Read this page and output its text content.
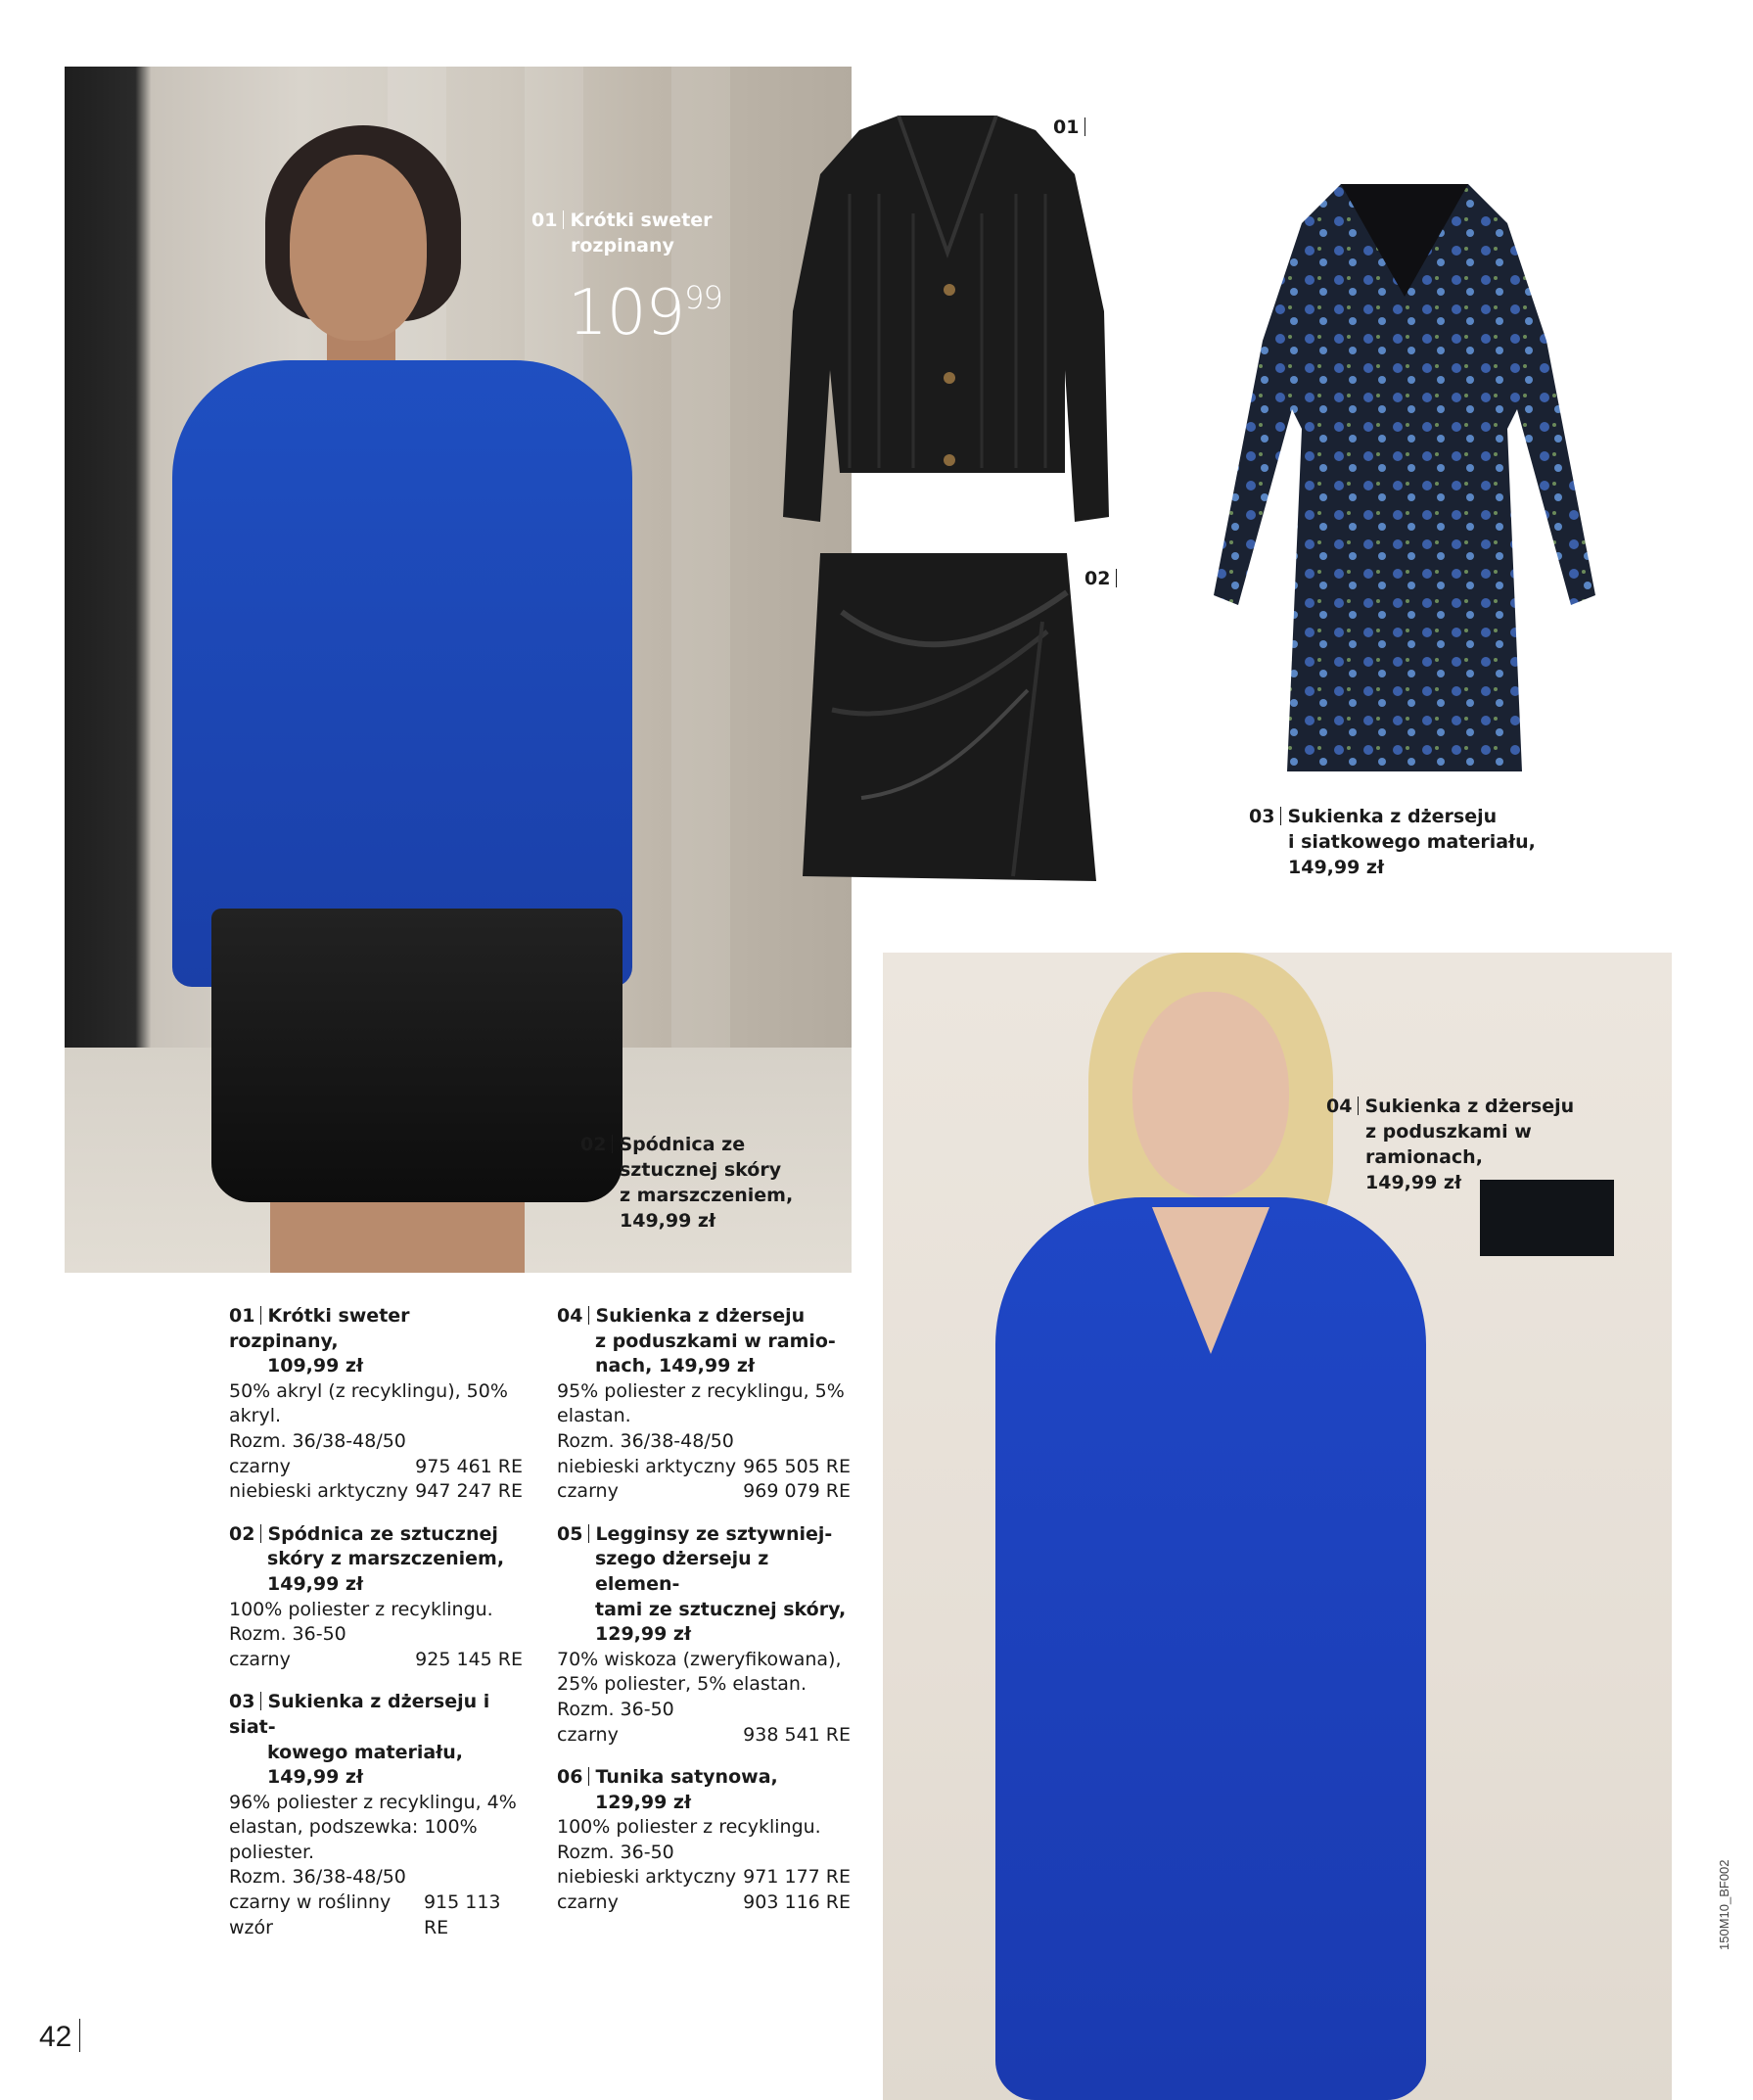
01 Krótki sweter
rozpinany
$109^{99}$
02 Spódnica ze
sztucznej skóry
z marszczeniem,
149,99 zł
01
02
03 Sukienka z dżerseju
i siatkowego materiału,
149,99 zł
04 Sukienka z dżerseju
z poduszkami w ramionach,
149,99 zł
01 Krótki sweter rozpinany,
109,99 zł
50% akryl (z recyklingu), 50%
akryl.
Rozm. 36/38-48/50
czarny	975 461 RE
niebieski arktyczny 947 247 RE
02 Spódnica ze sztucznej
skóry z marszczeniem,
149,99 zł
100% poliester z recyklingu.
Rozm. 36-50
czarny	925 145 RE
03 Sukienka z dżerseju i siat-
kowego materiału,
149,99 zł
96% poliester z recyklingu, 4%
elastan, podszewka: 100%
poliester.
Rozm. 36/38-48/50
czarny w roślinny wzór
915 113 RE
04 Sukienka z dżerseju
z poduszkami w ramio-
nach, 149,99 zł
95% poliester z recyklingu, 5%
elastan.
Rozm. 36/38-48/50
niebieski arktyczny 965 505 RE
czarny	969 079 RE
05 Legginsy ze sztywniej-
szego dżerseju z elemen-
tami ze sztucznej skóry,
129,99 zł
70% wiskoza (zweryfikowana),
25% poliester, 5% elastan.
Rozm. 36-50
czarny	938 541 RE
06 Tunika satynowa,
129,99 zł
100% poliester z recyklingu.
Rozm. 36-50
niebieski arktyczny 971 177 RE
czarny	903 116 RE
42
150M10_BF002
